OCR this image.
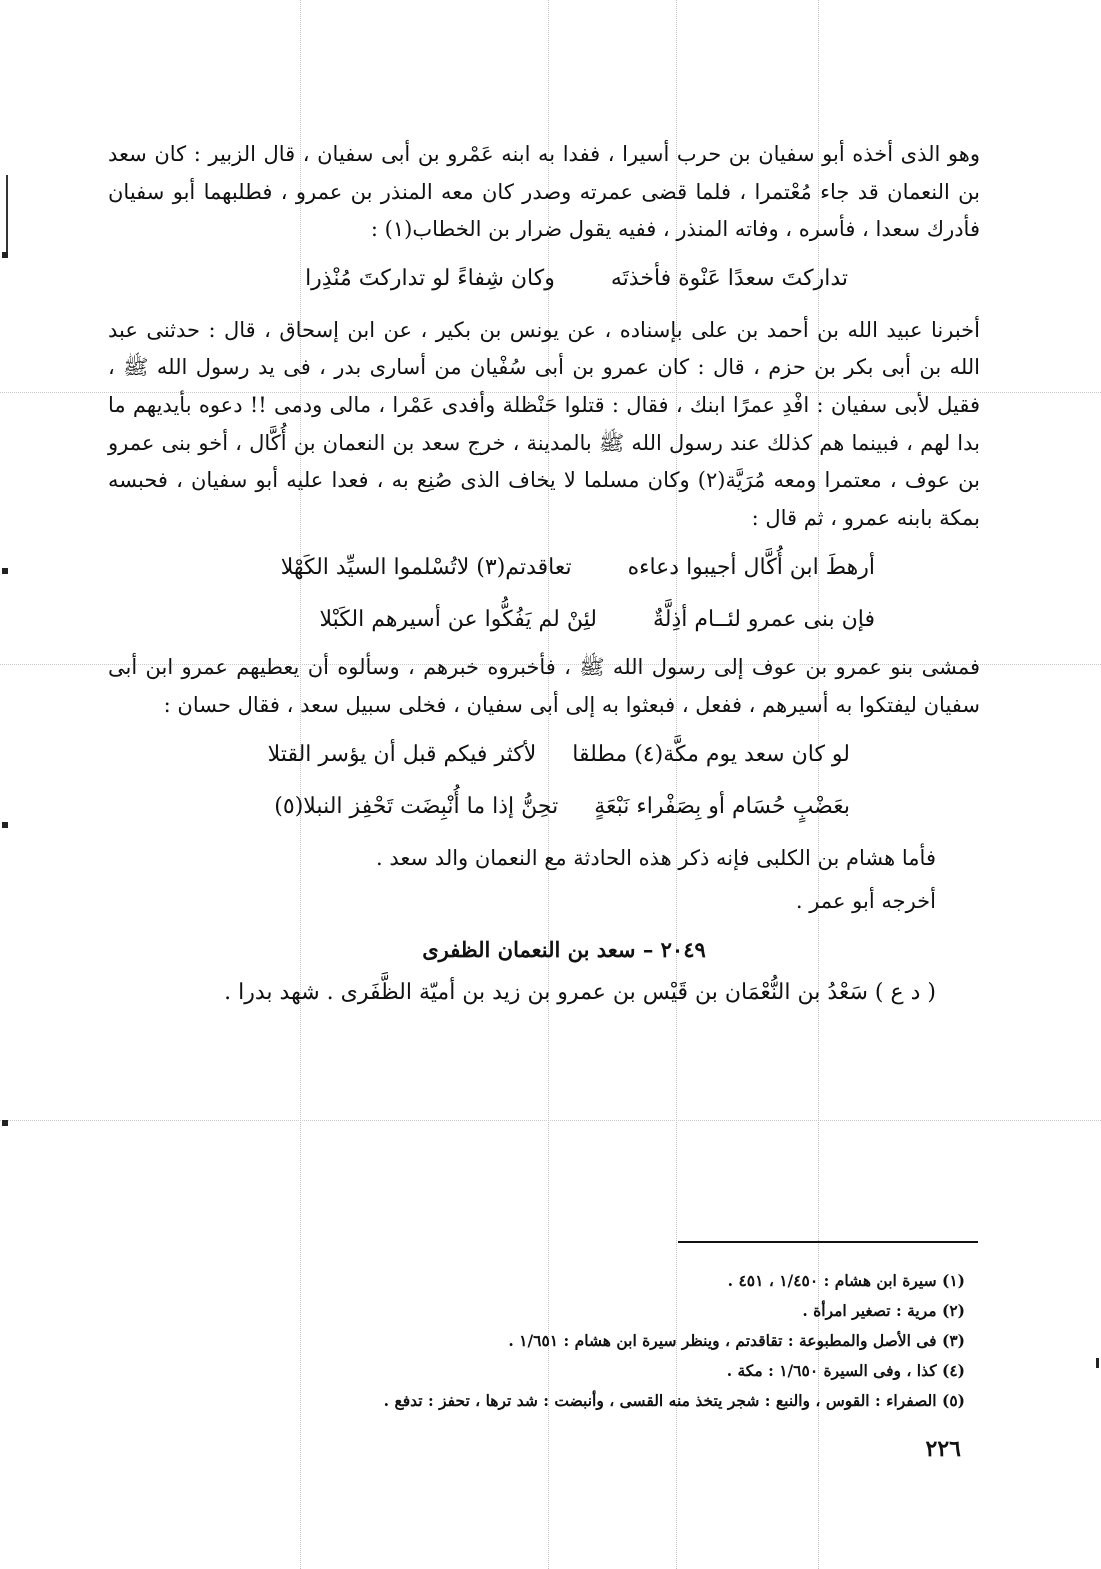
وهو الذى أخذه أبو سفيان بن حرب أسيرا ، ففدا به ابنه عَمْرو بن أبى سفيان ، قال الزبير : كان سعد بن النعمان قد جاء مُعْتمرا ، فلما قضى عمرته وصدر كان معه المنذر بن عمرو ، فطلبهما أبو سفيان فأدرك سعدا ، فأسره ، وفاته المنذر ، ففيه يقول ضرار بن الخطاب(١) :

تداركتَ سعدًا عَنْوة فأخذتَه
وكان شِفاءً لو تداركتَ مُنْذِرا

أخبرنا عبيد الله بن أحمد بن على بإسناده ، عن يونس بن بكير ، عن ابن إسحاق ، قال : حدثنى عبد الله بن أبى بكر بن حزم ، قال : كان عمرو بن أبى سُفْيان من أسارى بدر ، فى يد رسول الله ﷺ ، فقيل لأبى سفيان : افْدِ عمرًا ابنك ، فقال : قتلوا حَنْظلة وأفدى عَمْرا ، مالى ودمى !! دعوه بأيديهم ما بدا لهم ، فبينما هم كذلك عند رسول الله ﷺ بالمدينة ، خرج سعد بن النعمان بن أُكَّال ، أخو بنى عمرو بن عوف ، معتمرا ومعه مُرَيَّة(٢) وكان مسلما لا يخاف الذى صُنِع به ، فعدا عليه أبو سفيان ، فحبسه بمكة بابنه عمرو ، ثم قال :

أرهطَ ابن أُكَّال أجيبوا دعاءه
تعاقدتم(٣) لاتُسْلموا السيِّد الكَهْلا
فإن بنى عمرو لئــام أذِلَّةٌ
لئِنْ لم يَفُكُّوا عن أسيرهم الكَبْلا

فمشى بنو عمرو بن عوف إلى رسول الله ﷺ ، فأخبروه خبرهم ، وسألوه أن يعطيهم عمرو ابن أبى سفيان ليفتكوا به أسيرهم ، ففعل ، فبعثوا به إلى أبى سفيان ، فخلى سبيل سعد ، فقال حسان :

لو كان سعد يوم مكَّة(٤) مطلقا
لأكثر فيكم قبل أن يؤسر القتلا
بعَضْبٍ حُسَام أو بِصَفْراء نَبْعَةٍ
تحِنُّ إذا ما أُنْبِضَت تَحْفِز النبلا(٥)

فأما هشام بن الكلبى فإنه ذكر هذه الحادثة مع النعمان والد سعد .

أخرجه أبو عمر .

٢٠٤٩ – سعد بن النعمان الظفرى

( د ع ) سَعْدُ بن النُّعْمَان بن قَيْس بن عمرو بن زيد بن أميّة الظَّفَرى . شهد بدرا .

(١) سيرة ابن هشام : ١/٤٥٠ ، ٤٥١ .

(٢) مرية : تصغير امرأة .

(٣) فى الأصل والمطبوعة : تقاقدتم ، وينظر سيرة ابن هشام : ١/٦٥١ .

(٤) كذا ، وفى السيرة ١/٦٥٠ : مكة .

(٥) الصفراء : القوس ، والنبع : شجر يتخذ منه القسى ، وأنبضت : شد ترها ، تحفز : تدفع .

٢٢٦
